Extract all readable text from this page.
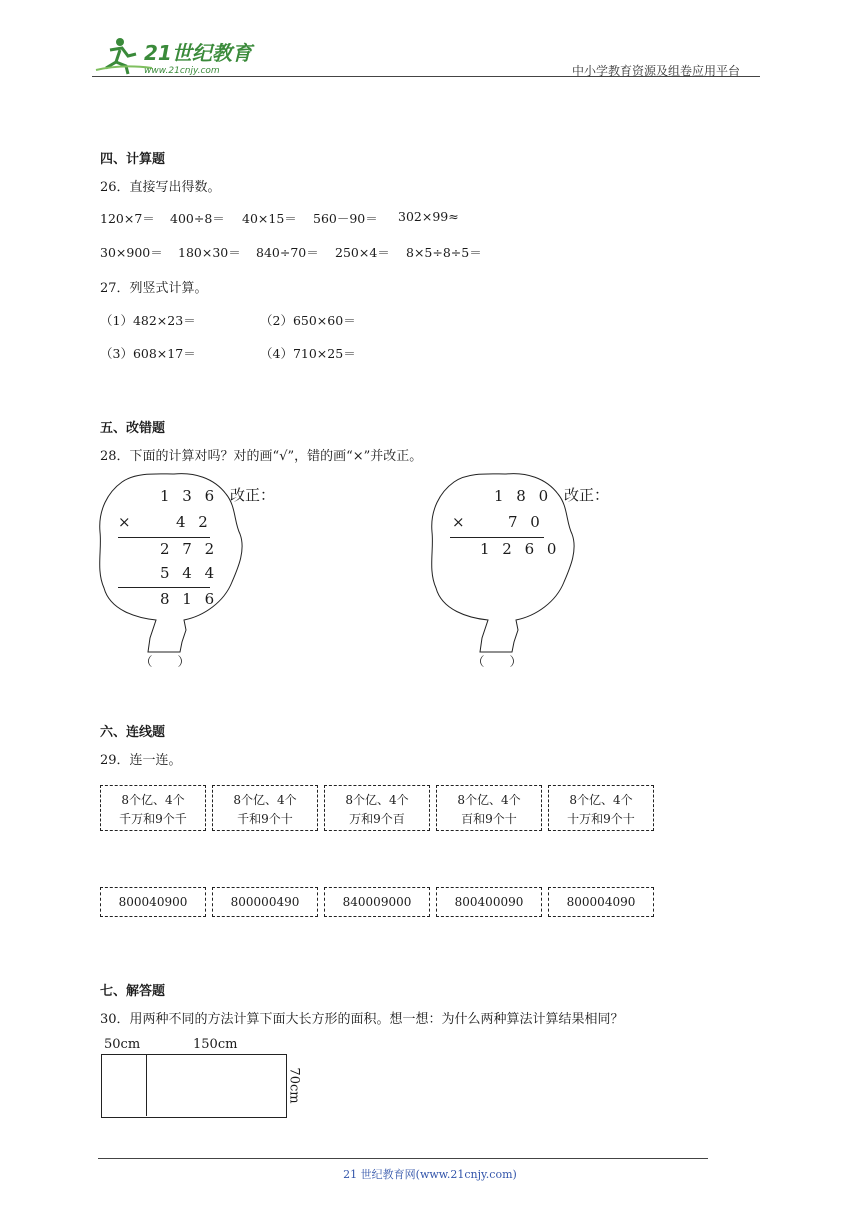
21世纪教育
www.21cnjy.com	中小学教育资源及组卷应用平台
四、计算题
26．直接写出得数。
120×7＝ 400÷8＝ 40×15＝ 560－90＝ 302×99≈
30×900＝ 180×30＝ 840÷70＝ 250×4＝ 8×5÷8÷5＝
27．列竖式计算。
（1）482×23＝	（2）650×60＝
（3）608×17＝	（4）710×25＝
五、改错题
28．下面的计算对吗？对的画“√”，错的画“×”并改正。
1 3 6
×	4 2
2 7 2
5 4 4
8 1 6
改正：
（　　）
1 8 0
×	7 0
1 2 6 0
改正：
（　　）
六、连线题
29．连一连。
8个亿、4个
千万和9个千
8个亿、4个
千和9个十
8个亿、4个
万和9个百
8个亿、4个
百和9个十
8个亿、4个
十万和9个十
800040900	800000490	840009000	800400090	800004090
七、解答题
30．用两种不同的方法计算下面大长方形的面积。想一想：为什么两种算法计算结果相同？
50cm	150cm
70cm
21 世纪教育网(www.21cnjy.com)
